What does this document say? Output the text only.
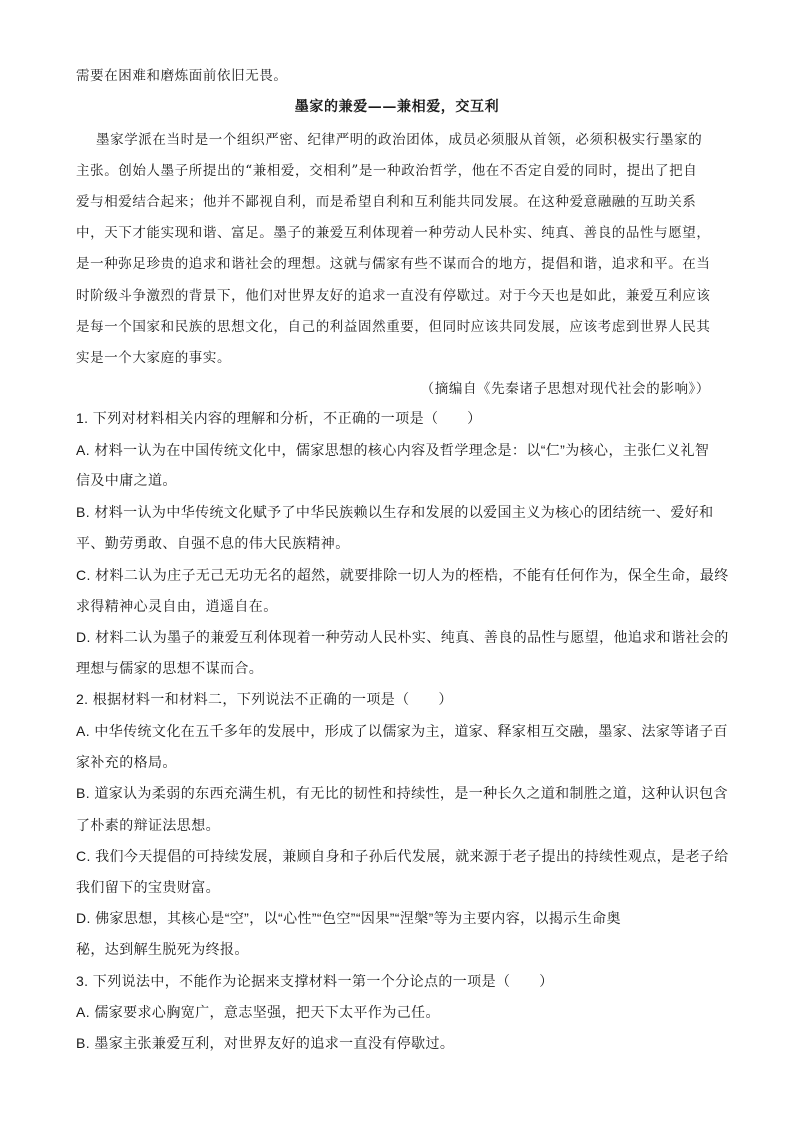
需要在困难和磨炼面前依旧无畏。
墨家的兼爱——兼相爱，交互利
墨家学派在当时是一个组织严密、纪律严明的政治团体，成员必须服从首领，必须积极实行墨家的
主张。创始人墨子所提出的“兼相爱，交相利”是一种政治哲学，他在不否定自爱的同时，提出了把自
爱与相爱结合起来；他并不鄙视自利，而是希望自利和互利能共同发展。在这种爱意融融的互助关系
中，天下才能实现和谐、富足。墨子的兼爱互利体现着一种劳动人民朴实、纯真、善良的品性与愿望，
是一种弥足珍贵的追求和谐社会的理想。这就与儒家有些不谋而合的地方，提倡和谐，追求和平。在当
时阶级斗争激烈的背景下，他们对世界友好的追求一直没有停歇过。对于今天也是如此，兼爱互利应该
是每一个国家和民族的思想文化，自己的利益固然重要，但同时应该共同发展，应该考虑到世界人民其
实是一个大家庭的事实。
（摘编自《先秦诸子思想对现代社会的影响》）
1. 下列对材料相关内容的理解和分析，不正确的一项是（　　）
A. 材料一认为在中国传统文化中，儒家思想的核心内容及哲学理念是：以“仁”为核心，主张仁义礼智
信及中庸之道。
B. 材料一认为中华传统文化赋予了中华民族赖以生存和发展的以爱国主义为核心的团结统一、爱好和
平、勤劳勇敢、自强不息的伟大民族精神。
C. 材料二认为庄子无己无功无名的超然，就要排除一切人为的桎梏，不能有任何作为，保全生命，最终
求得精神心灵自由，逍遥自在。
D. 材料二认为墨子的兼爱互利体现着一种劳动人民朴实、纯真、善良的品性与愿望，他追求和谐社会的
理想与儒家的思想不谋而合。
2. 根据材料一和材料二，下列说法不正确的一项是（　　）
A. 中华传统文化在五千多年的发展中，形成了以儒家为主，道家、释家相互交融，墨家、法家等诸子百
家补充的格局。
B. 道家认为柔弱的东西充满生机，有无比的韧性和持续性，是一种长久之道和制胜之道，这种认识包含
了朴素的辩证法思想。
C. 我们今天提倡的可持续发展，兼顾自身和子孙后代发展，就来源于老子提出的持续性观点，是老子给
我们留下的宝贵财富。
D. 佛家思想，其核心是“空”，以“心性”“色空”“因果”“涅槃”等为主要内容，以揭示生命奥
秘，达到解生脱死为终报。
3. 下列说法中，不能作为论据来支撑材料一第一个分论点的一项是（　　）
A. 儒家要求心胸宽广，意志坚强，把天下太平作为己任。
B. 墨家主张兼爱互利，对世界友好的追求一直没有停歇过。
